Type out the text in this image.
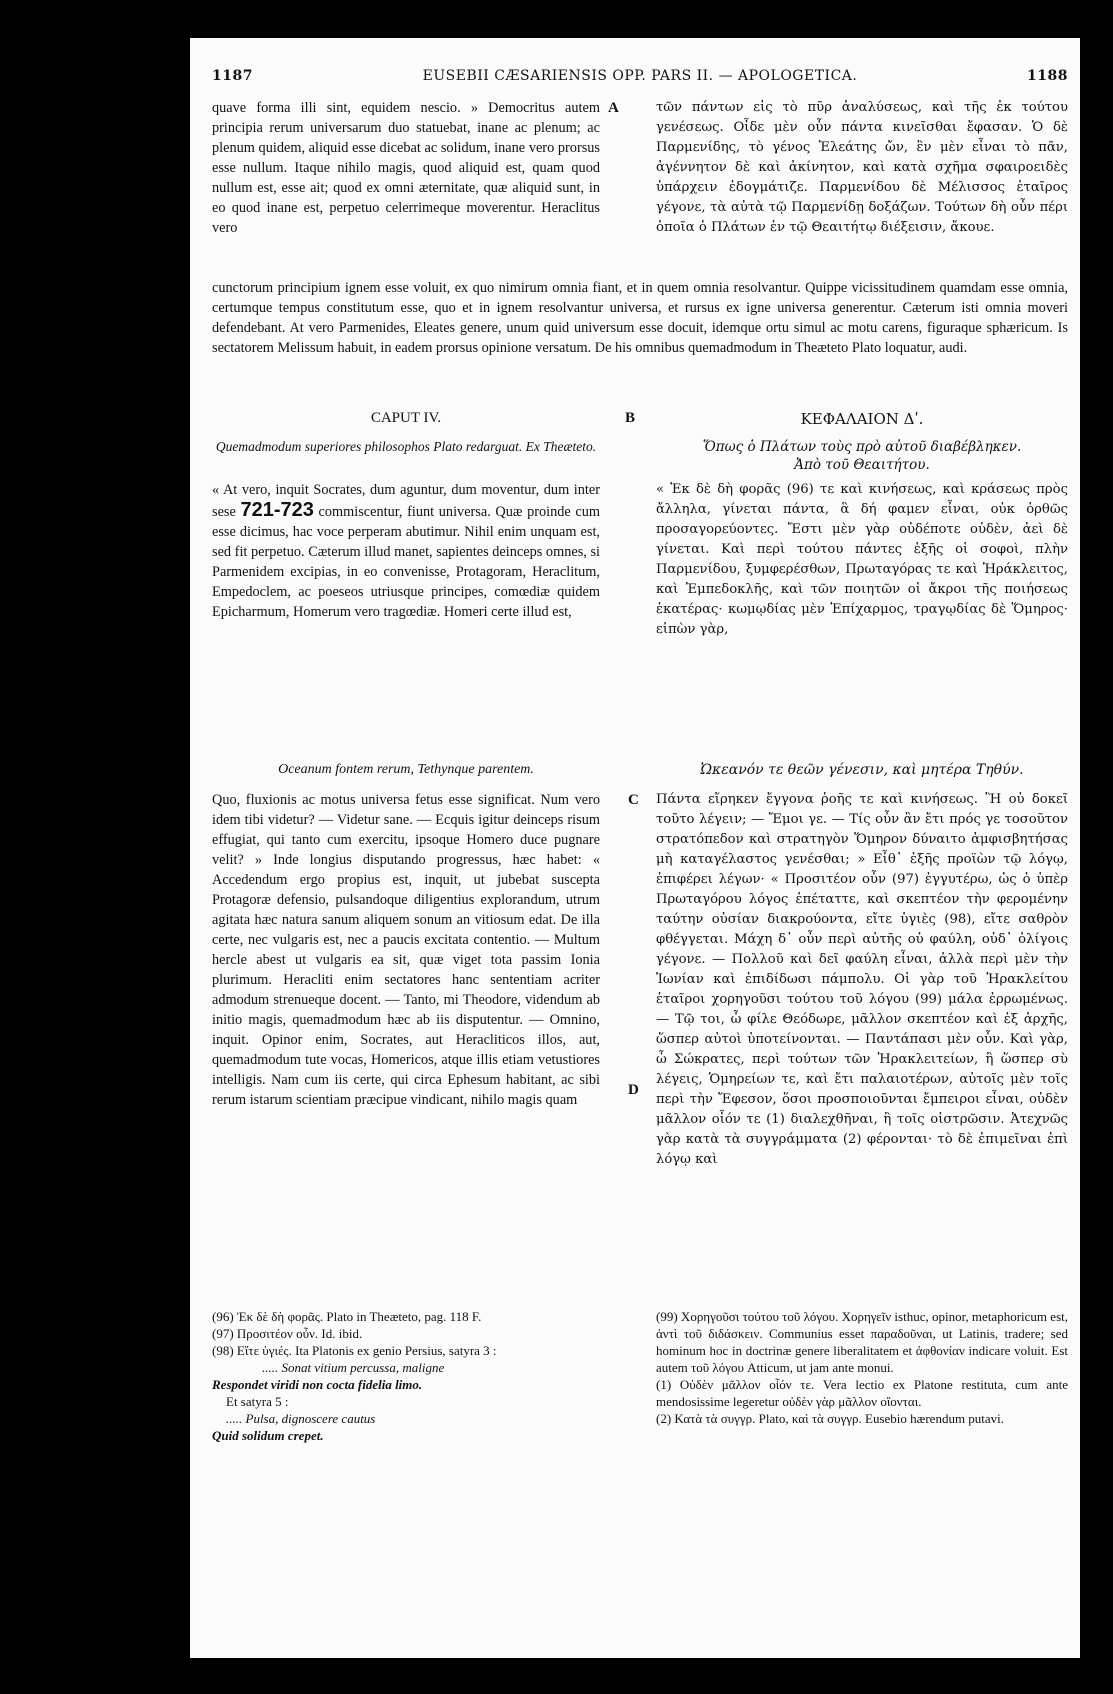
1187	EUSEBII CÆSARIENSIS OPP. PARS II. — APOLOGETICA.	1188
quave forma illi sint, equidem nescio. » Democritus autem principia rerum universarum duo statuebat, inane ac plenum; ac plenum quidem, aliquid esse dicebat ac solidum, inane vero prorsus esse nullum. Itaque nihilo magis, quod aliquid est, quam quod nullum est, esse ait; quod ex omni æternitate, quæ aliquid sunt, in eo quod inane est, perpetuo celerrimeque moverentur. Heraclitus vero
A	τῶν πάντων εἰς τὸ πῦρ ἀναλύσεως, καὶ τῆς ἐκ τούτου γενέσεως. Οἶδε μὲν οὖν πάντα κινεῖσθαι ἔφασαν. Ὁ δὲ Παρμενίδης, τὸ γένος Ἐλεάτης ὤν, ἓν μὲν εἶναι τὸ πᾶν, ἀγέννητον δὲ καὶ ἀκίνητον, καὶ κατὰ σχῆμα σφαιροειδὲς ὑπάρχειν ἐδογμάτιζε. Παρμενίδου δὲ Μέλισσος ἑταῖρος γέγονε, τὰ αὐτὰ τῷ Παρμενίδῃ δοξάζων. Τούτων δὴ οὖν πέρι ὁποῖα ὁ Πλάτων ἐν τῷ Θεαιτήτῳ διέξεισιν, ἄκουε.
cunctorum principium ignem esse voluit, ex quo nimirum omnia fiant, et in quem omnia resolvantur. Quippe vicissitudinem quamdam esse omnia, certumque tempus constitutum esse, quo et in ignem resolvantur universa, et rursus ex igne universa generentur. Cæterum isti omnia moveri defendebant. At vero Parmenides, Eleates genere, unum quid universum esse docuit, idemque ortu simul ac motu carens, figuraque sphæricum. Is sectatorem Melissum habuit, in eadem prorsus opinione versatum. De his omnibus quemadmodum in Theæteto Plato loquatur, audi.
CAPUT IV.	B	ΚΕΦΑΛΑΙΟΝ Δʹ.
Quemadmodum superiores philosophos Plato redarguat. Ex Theæteto.	Ὅπως ὁ Πλάτων τοὺς πρὸ αὐτοῦ διαβέβληκεν.
Ἀπὸ τοῦ Θεαιτήτου.
« At vero, inquit Socrates, dum aguntur, dum moventur, dum inter sese 721-723 commiscentur, fiunt universa. Quæ proinde cum esse dicimus, hac voce perperam abutimur. Nihil enim unquam est, sed fit perpetuo. Cæterum illud manet, sapientes deinceps omnes, si Parmenidem excipias, in eo convenisse, Protagoram, Heraclitum, Empedoclem, ac poeseos utriusque principes, comœdiæ quidem Epicharmum, Homerum vero tragœdiæ. Homeri certe illud est,
« Ἐκ δὲ δὴ φορᾶς (96) τε καὶ κινήσεως, καὶ κράσεως πρὸς ἄλληλα, γίνεται πάντα, ἃ δή φαμεν εἶναι, οὐκ ὀρθῶς προσαγορεύοντες. Ἔστι μὲν γὰρ οὐδέποτε οὐδὲν, ἀεὶ δὲ γίνεται. Καὶ περὶ τούτου πάντες ἑξῆς οἱ σοφοὶ, πλὴν Παρμενίδου, ξυμφερέσθων, Πρωταγόρας τε καὶ Ἡράκλειτος, καὶ Ἐμπεδοκλῆς, καὶ τῶν ποιητῶν οἱ ἄκροι τῆς ποιήσεως ἑκατέρας· κωμῳδίας μὲν Ἐπίχαρμος, τραγῳδίας δὲ Ὅμηρος· εἰπὼν γὰρ,
Oceanum fontem rerum, Tethynque parentem.	Ὠκεανόν τε θεῶν γένεσιν, καὶ μητέρα Τηθύν.
Quo, fluxionis ac motus universa fetus esse significat. Num vero idem tibi videtur? — Videtur sane. — Ecquis igitur deinceps risum effugiat, qui tanto cum exercitu, ipsoque Homero duce pugnare velit? » Inde longius disputando progressus, hæc habet: « Accedendum ergo propius est, inquit, ut jubebat suscepta Protagoræ defensio, pulsandoque diligentius explorandum, utrum agitata hæc natura sanum aliquem sonum an vitiosum edat. De illa certe, nec vulgaris est, nec a paucis excitata contentio. — Multum hercle abest ut vulgaris ea sit, quæ viget tota passim Ionia plurimum. Heracliti enim sectatores hanc sententiam acriter admodum strenueque docent. — Tanto, mi Theodore, videndum ab initio magis, quemadmodum hæc ab iis disputentur. — Omnino, inquit. Opinor enim, Socrates, aut Heracliticos illos, aut, quemadmodum tute vocas, Homericos, atque illis etiam vetustiores intelligis. Nam cum iis certe, qui circa Ephesum habitant, ac sibi rerum istarum scientiam præcipue vindicant, nihilo magis quam
C
D
Πάντα εἴρηκεν ἔγγονα ῥοῆς τε καὶ κινήσεως. Ἢ οὐ δοκεῖ τοῦτο λέγειν; — Ἔμοι γε. — Τίς οὖν ἂν ἔτι πρός γε τοσοῦτον στρατόπεδον καὶ στρατηγὸν Ὅμηρον δύναιτο ἀμφισβητήσας μὴ καταγέλαστος γενέσθαι; » Εἶθ᾽ ἑξῆς προϊὼν τῷ λόγῳ, ἐπιφέρει λέγων· « Προσιτέον οὖν (97) ἐγγυτέρω, ὡς ὁ ὑπὲρ Πρωταγόρου λόγος ἐπέταττε, καὶ σκεπτέον τὴν φερομένην ταύτην οὐσίαν διακρούοντα, εἴτε ὑγιὲς (98), εἴτε σαθρὸν φθέγγεται. Μάχη δ᾽ οὖν περὶ αὐτῆς οὐ φαύλη, οὐδ᾽ ὀλίγοις γέγονε. — Πολλοῦ καὶ δεῖ φαύλη εἶναι, ἀλλὰ περὶ μὲν τὴν Ἰωνίαν καὶ ἐπιδίδωσι πάμπολυ. Οἱ γὰρ τοῦ Ἡρακλείτου ἑταῖροι χορηγοῦσι τούτου τοῦ λόγου (99) μάλα ἐρρωμένως. — Τῷ τοι, ὦ φίλε Θεόδωρε, μᾶλλον σκεπτέον καὶ ἐξ ἀρχῆς, ὥσπερ αὐτοὶ ὑποτείνονται. — Παντάπασι μὲν οὖν. Καὶ γὰρ, ὦ Σώκρατες, περὶ τούτων τῶν Ἡρακλειτείων, ἢ ὥσπερ σὺ λέγεις, Ὁμηρείων τε, καὶ ἔτι παλαιοτέρων, αὐτοῖς μὲν τοῖς περὶ τὴν Ἔφεσον, ὅσοι προσποιοῦνται ἔμπειροι εἶναι, οὐδὲν μᾶλλον οἷόν τε (1) διαλεχθῆναι, ἢ τοῖς οἰστρῶσιν. Ἀτεχνῶς γὰρ κατὰ τὰ συγγράμματα (2) φέρονται· τὸ δὲ ἐπιμεῖναι ἐπὶ λόγῳ καὶ

(96) Ἐκ δὲ δὴ φορᾶς. Plato in Theæteto, pag. 118 F.

(97) Προσιτέον οὖν. Id. ibid.

(98) Εἴτε ὑγιές. Ita Platonis ex genio Persius, satyra 3 :

..... Sonat vitium percussa, maligne

Respondet viridi non cocta fidelia limo.

Et satyra 5 :

..... Pulsa, dignoscere cautus

Quid solidum crepet.

(99) Χορηγοῦσι τούτου τοῦ λόγου. Χορηγεῖν isthuc, opinor, metaphoricum est, ἀντὶ τοῦ διδάσκειν. Communius esset παραδοῦναι, ut Latinis, tradere; sed hominum hoc in doctrinæ genere liberalitatem et ἀφθονίαν indicare voluit. Est autem τοῦ λόγου Atticum, ut jam ante monui.

(1) Οὐδὲν μᾶλλον οἷόν τε. Vera lectio ex Platone restituta, cum ante mendosissime legeretur οὐδὲν γὰρ μᾶλλον οἴονται.

(2) Κατὰ τὰ συγγρ. Plato, καὶ τὰ συγγρ. Eusebio hærendum putavi.
